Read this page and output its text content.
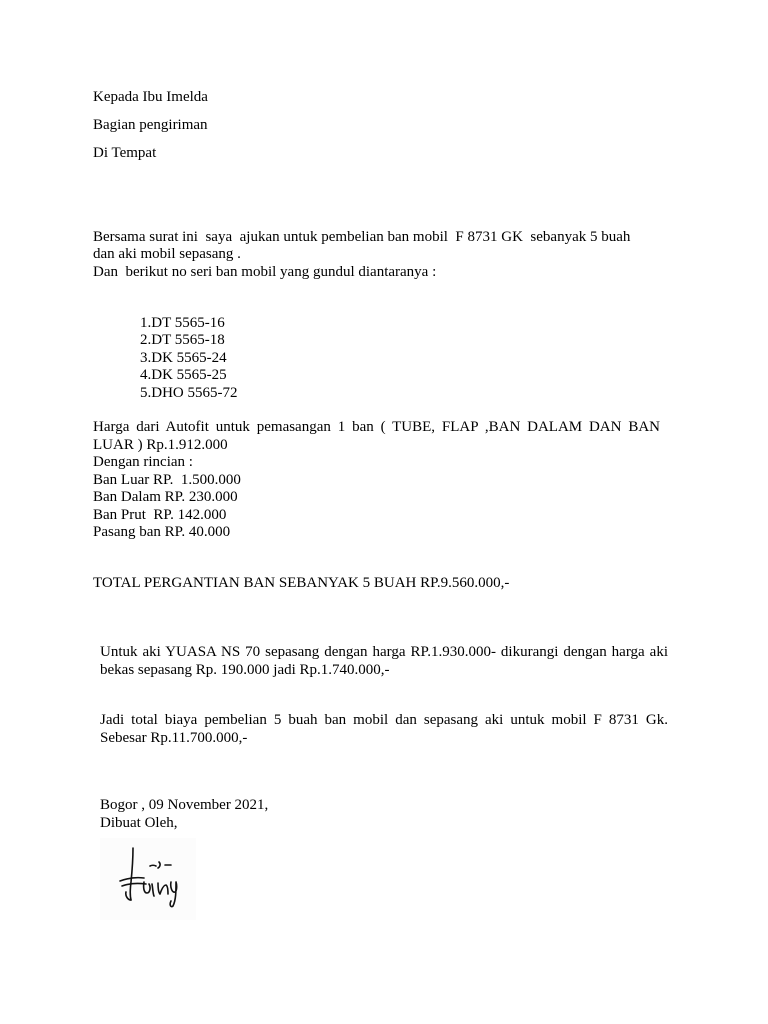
Kepada Ibu Imelda
Bagian pengiriman
Di Tempat
Bersama surat ini  saya  ajukan untuk pembelian ban mobil  F 8731 GK  sebanyak 5 buah
dan aki mobil sepasang .
Dan  berikut no seri ban mobil yang gundul diantaranya :
1.DT 5565-16
2.DT 5565-18
3.DK 5565-24
4.DK 5565-25
5.DHO 5565-72
Harga dari Autofit untuk pemasangan 1 ban ( TUBE, FLAP ,BAN DALAM DAN BAN LUAR ) Rp.1.912.000
Dengan rincian :
Ban Luar RP.  1.500.000
Ban Dalam RP. 230.000
Ban Prut  RP. 142.000
Pasang ban RP. 40.000
TOTAL PERGANTIAN BAN SEBANYAK 5 BUAH RP.9.560.000,-
Untuk aki YUASA NS 70 sepasang dengan harga RP.1.930.000- dikurangi dengan harga aki bekas sepasang Rp. 190.000 jadi Rp.1.740.000,-
Jadi total biaya pembelian 5 buah ban mobil dan sepasang aki untuk mobil F 8731 Gk. Sebesar Rp.11.700.000,-
Bogor , 09 November 2021,
Dibuat Oleh,
